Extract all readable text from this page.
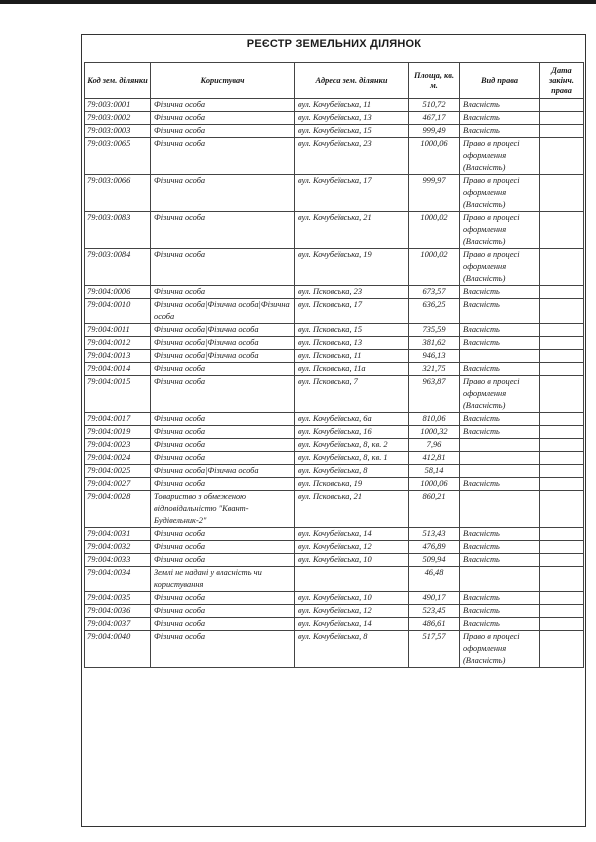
РЕЄСТР ЗЕМЕЛЬНИХ ДІЛЯНОК
Код зем. ділянки	Користувач	Адреса зем. ділянки	Площа, кв. м.	Вид права	Дата закінч. права
79:003:0001	Фізична особа	вул. Кочубеївська, 11	510,72	Власність	
79:003:0002	Фізична особа	вул. Кочубеївська, 13	467,17	Власність	
79:003:0003	Фізична особа	вул. Кочубеївська, 15	999,49	Власність	
79:003:0065	Фізична особа	вул. Кочубеївська, 23	1000,06	Право в процесі оформлення (Власність)	
79:003:0066	Фізична особа	вул. Кочубеївська, 17	999,97	Право в процесі оформлення (Власність)	
79:003:0083	Фізична особа	вул. Кочубеївська, 21	1000,02	Право в процесі оформлення (Власність)	
79:003:0084	Фізична особа	вул. Кочубеївська, 19	1000,02	Право в процесі оформлення (Власність)	
79:004:0006	Фізична особа	вул. Псковська, 23	673,57	Власність	
79:004:0010	Фізична особа|Фізична особа|Фізична особа	вул. Псковська, 17	636,25	Власність	
79:004:0011	Фізична особа|Фізична особа	вул. Псковська, 15	735,59	Власність	
79:004:0012	Фізична особа|Фізична особа	вул. Псковська, 13	381,62	Власність	
79:004:0013	Фізична особа|Фізична особа	вул. Псковська, 11	946,13		
79:004:0014	Фізична особа	вул. Псковська, 11а	321,75	Власність	
79:004:0015	Фізична особа	вул. Псковська, 7	963,87	Право в процесі оформлення (Власність)	
79:004:0017	Фізична особа	вул. Кочубеївська, 6а	810,06	Власність	
79:004:0019	Фізична особа	вул. Кочубеївська, 16	1000,32	Власність	
79:004:0023	Фізична особа	вул. Кочубеївська, 8, кв. 2	7,96		
79:004:0024	Фізична особа	вул. Кочубеївська, 8, кв. 1	412,81		
79:004:0025	Фізична особа|Фізична особа	вул. Кочубеївська, 8	58,14		
79:004:0027	Фізична особа	вул. Псковська, 19	1000,06	Власність	
79:004:0028	Товариство з обмеженою відповідальністю "Квант-Будівельник-2"	вул. Псковська, 21	860,21		
79:004:0031	Фізична особа	вул. Кочубеївська, 14	513,43	Власність	
79:004:0032	Фізична особа	вул. Кочубеївська, 12	476,89	Власність	
79:004:0033	Фізична особа	вул. Кочубеївська, 10	509,94	Власність	
79:004:0034	Землі не надані у власність чи користування		46,48		
79:004:0035	Фізична особа	вул. Кочубеївська, 10	490,17	Власність	
79:004:0036	Фізична особа	вул. Кочубеївська, 12	523,45	Власність	
79:004:0037	Фізична особа	вул. Кочубеївська, 14	486,61	Власність	
79:004:0040	Фізична особа	вул. Кочубеївська, 8	517,57	Право в процесі оформлення (Власність)	
